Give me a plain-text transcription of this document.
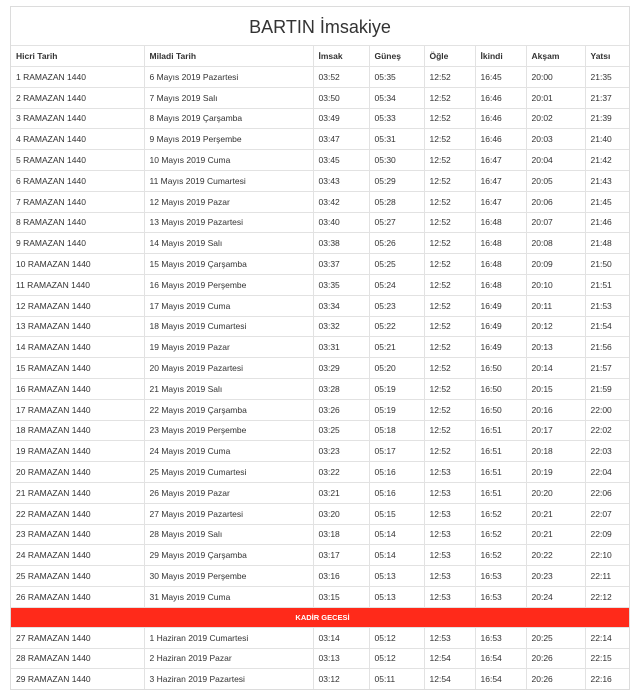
BARTIN İmsakiye
Hicri Tarih	Miladi Tarih	İmsak	Güneş	Öğle	İkindi	Akşam	Yatsı
1 RAMAZAN 1440	6 Mayıs 2019 Pazartesi	03:52	05:35	12:52	16:45	20:00	21:35
2 RAMAZAN 1440	7 Mayıs 2019 Salı	03:50	05:34	12:52	16:46	20:01	21:37
3 RAMAZAN 1440	8 Mayıs 2019 Çarşamba	03:49	05:33	12:52	16:46	20:02	21:39
4 RAMAZAN 1440	9 Mayıs 2019 Perşembe	03:47	05:31	12:52	16:46	20:03	21:40
5 RAMAZAN 1440	10 Mayıs 2019 Cuma	03:45	05:30	12:52	16:47	20:04	21:42
6 RAMAZAN 1440	11 Mayıs 2019 Cumartesi	03:43	05:29	12:52	16:47	20:05	21:43
7 RAMAZAN 1440	12 Mayıs 2019 Pazar	03:42	05:28	12:52	16:47	20:06	21:45
8 RAMAZAN 1440	13 Mayıs 2019 Pazartesi	03:40	05:27	12:52	16:48	20:07	21:46
9 RAMAZAN 1440	14 Mayıs 2019 Salı	03:38	05:26	12:52	16:48	20:08	21:48
10 RAMAZAN 1440	15 Mayıs 2019 Çarşamba	03:37	05:25	12:52	16:48	20:09	21:50
11 RAMAZAN 1440	16 Mayıs 2019 Perşembe	03:35	05:24	12:52	16:48	20:10	21:51
12 RAMAZAN 1440	17 Mayıs 2019 Cuma	03:34	05:23	12:52	16:49	20:11	21:53
13 RAMAZAN 1440	18 Mayıs 2019 Cumartesi	03:32	05:22	12:52	16:49	20:12	21:54
14 RAMAZAN 1440	19 Mayıs 2019 Pazar	03:31	05:21	12:52	16:49	20:13	21:56
15 RAMAZAN 1440	20 Mayıs 2019 Pazartesi	03:29	05:20	12:52	16:50	20:14	21:57
16 RAMAZAN 1440	21 Mayıs 2019 Salı	03:28	05:19	12:52	16:50	20:15	21:59
17 RAMAZAN 1440	22 Mayıs 2019 Çarşamba	03:26	05:19	12:52	16:50	20:16	22:00
18 RAMAZAN 1440	23 Mayıs 2019 Perşembe	03:25	05:18	12:52	16:51	20:17	22:02
19 RAMAZAN 1440	24 Mayıs 2019 Cuma	03:23	05:17	12:52	16:51	20:18	22:03
20 RAMAZAN 1440	25 Mayıs 2019 Cumartesi	03:22	05:16	12:53	16:51	20:19	22:04
21 RAMAZAN 1440	26 Mayıs 2019 Pazar	03:21	05:16	12:53	16:51	20:20	22:06
22 RAMAZAN 1440	27 Mayıs 2019 Pazartesi	03:20	05:15	12:53	16:52	20:21	22:07
23 RAMAZAN 1440	28 Mayıs 2019 Salı	03:18	05:14	12:53	16:52	20:21	22:09
24 RAMAZAN 1440	29 Mayıs 2019 Çarşamba	03:17	05:14	12:53	16:52	20:22	22:10
25 RAMAZAN 1440	30 Mayıs 2019 Perşembe	03:16	05:13	12:53	16:53	20:23	22:11
26 RAMAZAN 1440	31 Mayıs 2019 Cuma	03:15	05:13	12:53	16:53	20:24	22:12
KADİR GECESİ							
27 RAMAZAN 1440	1 Haziran 2019 Cumartesi	03:14	05:12	12:53	16:53	20:25	22:14
28 RAMAZAN 1440	2 Haziran 2019 Pazar	03:13	05:12	12:54	16:54	20:26	22:15
29 RAMAZAN 1440	3 Haziran 2019 Pazartesi	03:12	05:11	12:54	16:54	20:26	22:16
